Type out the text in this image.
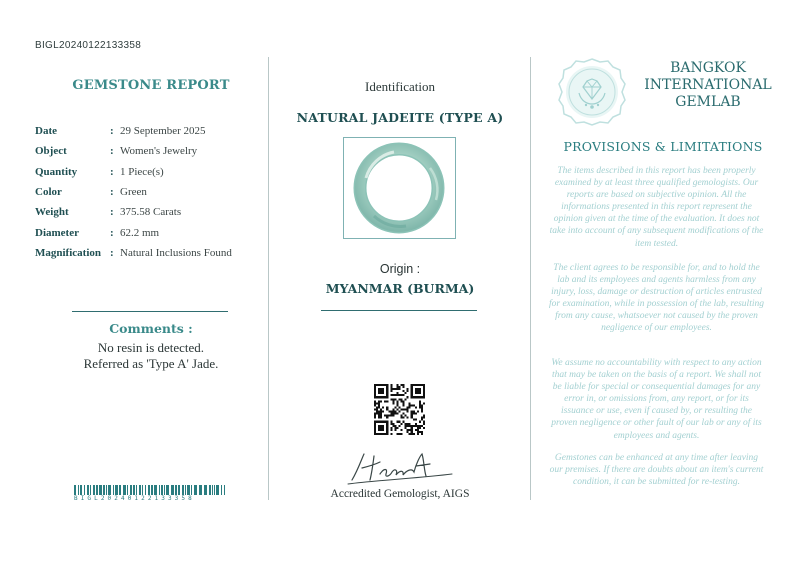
BIGL20240122133358
GEMSTONE REPORT
Date	: 29 September 2025
Object	: Women's Jewelry
Quantity	: 1 Piece(s)
Color	: Green
Weight	: 375.58 Carats
Diameter	: 62.2 mm
Magnification : Natural Inclusions Found
Comments :
No resin is detected.
Referred as 'Type A' Jade.
BIGL20240122133358
Identification
NATURAL JADEITE (TYPE A)
Origin :
MYANMAR (BURMA)
Accredited Gemologist, AIGS
BANGKOK
INTERNATIONAL
GEMLAB
PROVISIONS & LIMITATIONS
The items described in this report has been properly examined by at least three qualified gemologists. Our reports are based on subjective opinion. All the informations presented in this report represent the opinion given at the time of the evaluation. It does not take into account of any subsequent modifications of the item tested.
The client agrees to be responsible for, and to hold the lab and its employees and agents harmless from any injury, loss, damage or destruction of articles entrusted for examination, while in possession of the lab, resulting from any cause, whatsoever not caused by the proven negligence of our employees.
We assume no accountability with respect to any action that may be taken on the basis of a report. We shall not be liable for special or consequential damages for any error in, or omissions from, any report, or for its issuance or use, even if caused by, or resulting the proven negligence or other fault of our lab or any of its employees and agents.
Gemstones can be enhanced at any time after leaving our premises. If there are doubts about an item's current condition, it can be submitted for re-testing.
